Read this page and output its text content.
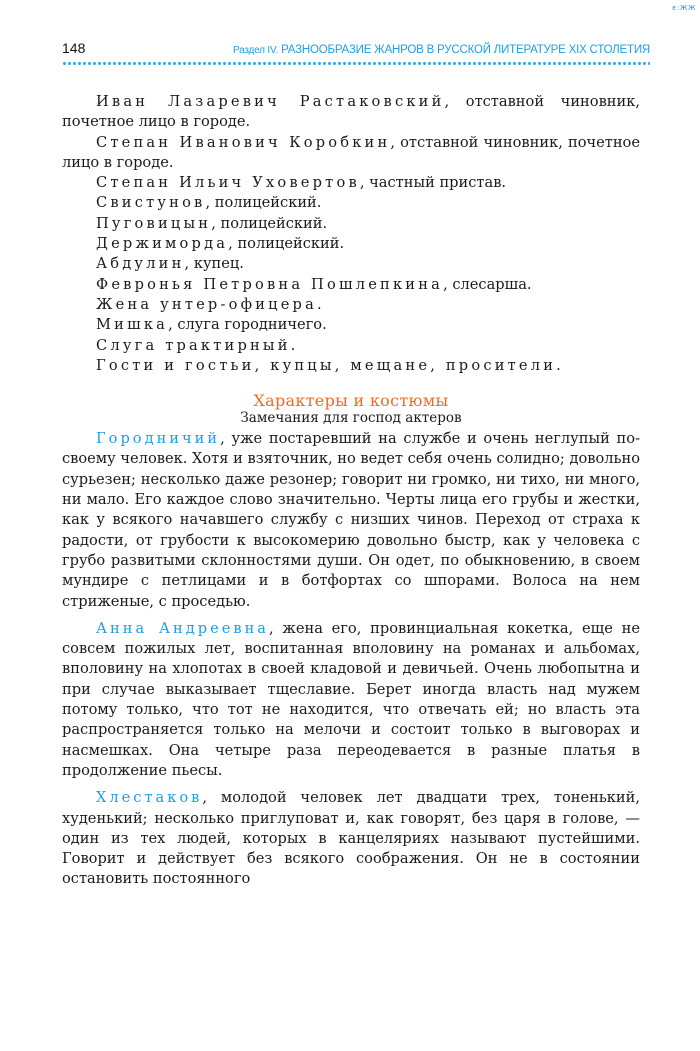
ϵ:ЖЖ
148	Раздел IV. РАЗНООБРАЗИЕ ЖАНРОВ В РУССКОЙ ЛИТЕРАТУРЕ XIX СТОЛЕТИЯ

Иван Лазаревич Растаковский, отставной чиновник, почетное лицо в городе.

Степан Иванович Коробкин, отставной чиновник, почетное лицо в городе.

Степан Ильич Уховертов, частный пристав.

Свистунов, полицейский.

Пуговицын, полицейский.

Держиморда, полицейский.

Абдулин, купец.

Февронья Петровна Пошлепкина, слесарша.

Жена унтер-офицера.

Мишка, слуга городничего.

Слуга трактирный.

Гости и гостьи, купцы, мещане, просители.

Характеры и костюмы
Замечания для господ актеров

Городничий, уже постаревший на службе и очень неглупый по-своему человек. Хотя и взяточник, но ведет себя очень солидно; довольно сурьезен; несколько даже резонер; говорит ни громко, ни тихо, ни много, ни мало. Его каждое слово значительно. Черты лица его грубы и жестки, как у всякого начавшего службу с низших чинов. Переход от страха к радости, от грубости к высокомерию довольно быстр, как у человека с грубо развитыми склонностями души. Он одет, по обыкновению, в своем мундире с петлицами и в ботфортах со шпорами. Волоса на нем стриженые, с проседью.

Анна Андреевна, жена его, провинциальная кокетка, еще не совсем пожилых лет, воспитанная вполовину на романах и альбомах, вполовину на хлопотах в своей кладовой и девичьей. Очень любопытна и при случае выказывает тщеславие. Берет иногда власть над мужем потому только, что тот не находится, что отвечать ей; но власть эта распространяется только на мелочи и состоит только в выговорах и насмешках. Она четыре раза переодевается в разные платья в продолжение пьесы.

Хлестаков, молодой человек лет двадцати трех, тоненький, худенький; несколько приглуповат и, как говорят, без царя в голове, — один из тех людей, которых в канцеляриях называют пустейшими. Говорит и действует без всякого соображения. Он не в состоянии остановить постоянного
